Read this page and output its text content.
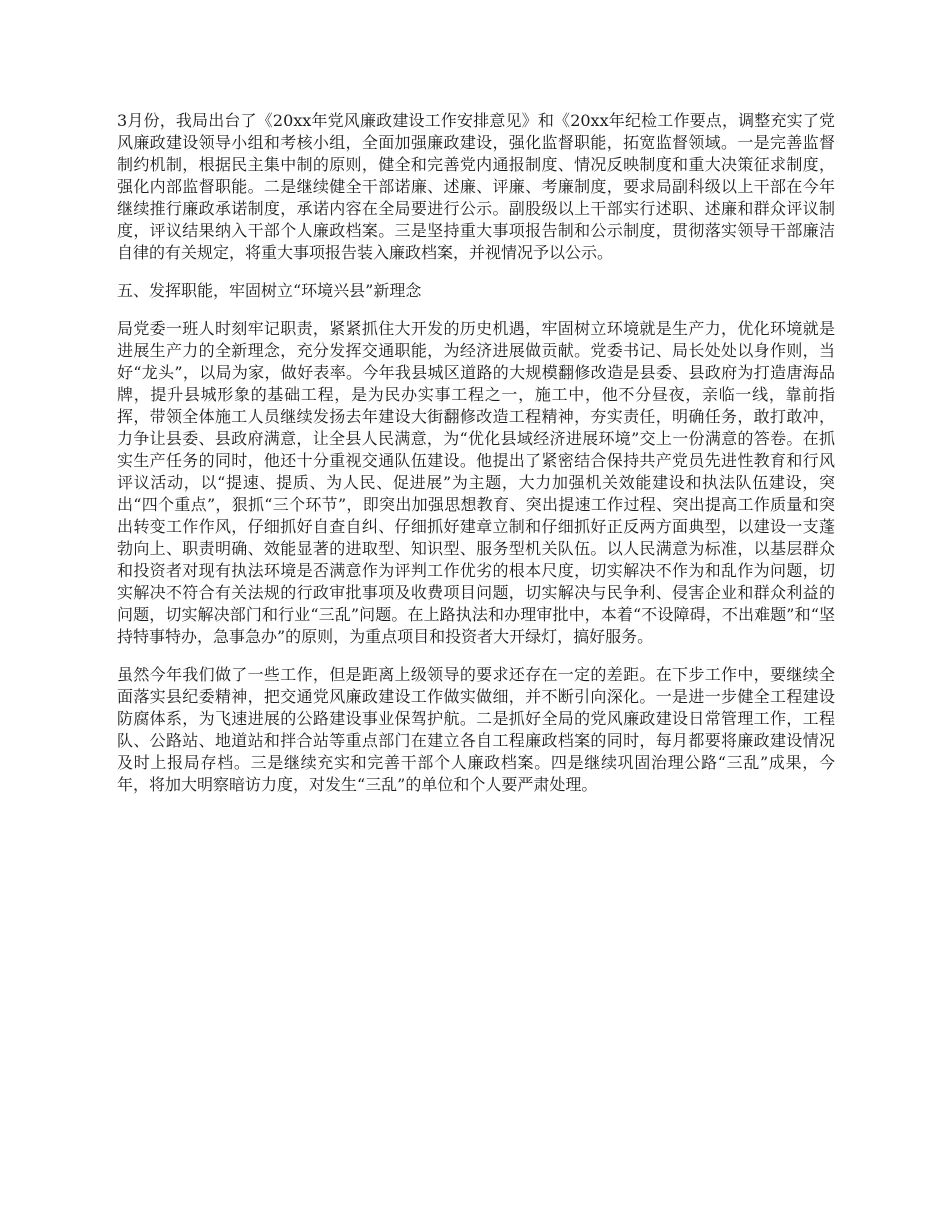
3月份，我局出台了《20xx年党风廉政建设工作安排意见》和《20xx年纪检工作要点，调整充实了党风廉政建设领导小组和考核小组，全面加强廉政建设，强化监督职能，拓宽监督领域。一是完善监督制约机制，根据民主集中制的原则，健全和完善党内通报制度、情况反映制度和重大决策征求制度，强化内部监督职能。二是继续健全干部诺廉、述廉、评廉、考廉制度，要求局副科级以上干部在今年继续推行廉政承诺制度，承诺内容在全局要进行公示。副股级以上干部实行述职、述廉和群众评议制度，评议结果纳入干部个人廉政档案。三是坚持重大事项报告制和公示制度，贯彻落实领导干部廉洁自律的有关规定，将重大事项报告装入廉政档案，并视情况予以公示。

五、发挥职能，牢固树立“环境兴县”新理念

局党委一班人时刻牢记职责，紧紧抓住大开发的历史机遇，牢固树立环境就是生产力，优化环境就是进展生产力的全新理念，充分发挥交通职能，为经济进展做贡献。党委书记、局长处处以身作则，当好“龙头”，以局为家，做好表率。今年我县城区道路的大规模翻修改造是县委、县政府为打造唐海品牌，提升县城形象的基础工程，是为民办实事工程之一，施工中，他不分昼夜，亲临一线，靠前指挥，带领全体施工人员继续发扬去年建设大街翻修改造工程精神，夯实责任，明确任务，敢打敢冲，力争让县委、县政府满意，让全县人民满意，为“优化县域经济进展环境”交上一份满意的答卷。在抓实生产任务的同时，他还十分重视交通队伍建设。他提出了紧密结合保持共产党员先进性教育和行风评议活动，以“提速、提质、为人民、促进展”为主题，大力加强机关效能建设和执法队伍建设，突出“四个重点”，狠抓“三个环节”，即突出加强思想教育、突出提速工作过程、突出提高工作质量和突出转变工作作风，仔细抓好自查自纠、仔细抓好建章立制和仔细抓好正反两方面典型，以建设一支蓬勃向上、职责明确、效能显著的进取型、知识型、服务型机关队伍。以人民满意为标准，以基层群众和投资者对现有执法环境是否满意作为评判工作优劣的根本尺度，切实解决不作为和乱作为问题，切实解决不符合有关法规的行政审批事项及收费项目问题，切实解决与民争利、侵害企业和群众利益的问题，切实解决部门和行业“三乱”问题。在上路执法和办理审批中，本着“不设障碍，不出难题”和“坚持特事特办，急事急办”的原则，为重点项目和投资者大开绿灯，搞好服务。

虽然今年我们做了一些工作，但是距离上级领导的要求还存在一定的差距。在下步工作中，要继续全面落实县纪委精神，把交通党风廉政建设工作做实做细，并不断引向深化。一是进一步健全工程建设防腐体系，为飞速进展的公路建设事业保驾护航。二是抓好全局的党风廉政建设日常管理工作，工程队、公路站、地道站和拌合站等重点部门在建立各自工程廉政档案的同时，每月都要将廉政建设情况及时上报局存档。三是继续充实和完善干部个人廉政档案。四是继续巩固治理公路“三乱”成果，今年，将加大明察暗访力度，对发生“三乱”的单位和个人要严肃处理。
